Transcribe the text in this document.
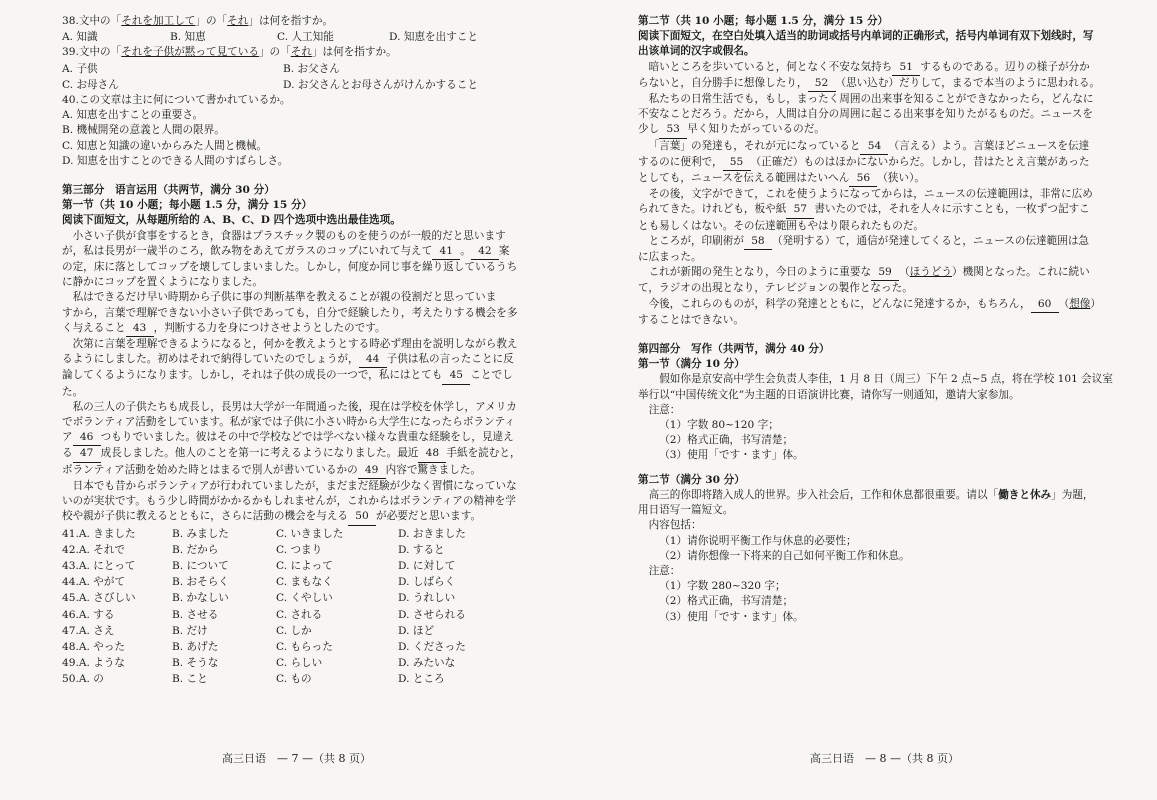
38.文中の「それを加工して」の「それ」は何を指すか。
A. 知識	B. 知恵	C. 人工知能	D. 知恵を出すこと
39.文中の「それを子供が黙って見ている」の「それ」は何を指すか。
A. 子供	B. お父さん
C. お母さん	D. お父さんとお母さんがけんかすること
40.この文章は主に何について書かれているか。
A. 知恵を出すことの重要さ。
B. 機械開発の意義と人間の限界。
C. 知恵と知識の違いからみた人間と機械。
D. 知恵を出すことのできる人間のすばらしさ。
第三部分　语言运用（共两节，满分 30 分）
第一节（共 10 小题；每小题 1.5 分，满分 15 分）
阅读下面短文，从每题所给的 A、B、C、D 四个选项中选出最佳选项。
小さい子供が食事をするとき，食器はプラスチック製のものを使うのが一般的だと思います
が，私は長男が一歳半のころ，飲み物をあえてガラスのコップにいれて与えて 41 。 42 案
の定，床に落としてコップを壊してしまいました。しかし，何度か同じ事を繰り返しているうち
に静かにコップを置くようになりました。
私はできるだけ早い時期から子供に事の判断基準を教えることが親の役割だと思っていま
すから，言葉で理解できない小さい子供であっても，自分で経験したり，考えたりする機会を多
く与えること 43 ，判断する力を身につけさせようとしたのです。
次第に言葉を理解できるようになると，何かを教えようとする時必ず理由を説明しながら教え
るようにしました。初めはそれで納得していたのでしょうが， 44 子供は私の言ったことに反
論してくるようになります。しかし，それは子供の成長の一つで，私にはとても 45 ことでし
た。
私の三人の子供たちも成長し，長男は大学が一年間通った後，現在は学校を休学し，アメリカ
でボランティア活動をしています。私が家では子供に小さい時から大学生になったらボランティ
ア 46 つもりでいました。彼はその中で学校などでは学べない様々な貴重な経験をし，見違え
る 47 成長しました。他人のことを第一に考えるようになりました。最近 48 手紙を読むと，
ボランティア活動を始めた時とはまるで別人が書いているかの 49 内容で驚きました。
日本でも昔からボランティアが行われていましたが，まだまだ経験が少なく習慣になっていな
いのが実状です。もう少し時間がかかるかもしれませんが，これからはボランティアの精神を学
校や親が子供に教えるとともに，さらに活動の機会を与える 50 が必要だと思います。
41.A. きました	B. みました	C. いきました	D. おきました
42.A. それで	B. だから	C. つまり	D. すると
43.A. にとって	B. について	C. によって	D. に対して
44.A. やがて	B. おそらく	C. まもなく	D. しばらく
45.A. さびしい	B. かなしい	C. くやしい	D. うれしい
46.A. する	B. させる	C. される	D. させられる
47.A. さえ	B. だけ	C. しか	D. ほど
48.A. やった	B. あげた	C. もらった	D. くださった
49.A. ような	B. そうな	C. らしい	D. みたいな
50.A. の	B. こと	C. もの	D. ところ
高三日语　— 7 —（共 8 页）
第二节（共 10 小题；每小题 1.5 分，满分 15 分）
阅读下面短文，在空白处填入适当的助词或括号内单词的正确形式，括号内单词有双下划线时，写
出该单词的汉字或假名。
暗いところを歩いていると，何となく不安な気持ち 51 するものである。辺りの様子が分か
らないと，自分勝手に想像したり， 52 （思い込む）だりして，まるで本当のように思われる。
私たちの日常生活でも，もし，まったく周囲の出来事を知ることができなかったら，どんなに
不安なことだろう。だから，人間は自分の周囲に起こる出来事を知りたがるものだ。ニュースを
少し 53 早く知りたがっているのだ。
「言葉」の発達も，それが元になっていると 54 （言える）よう。言葉ほどニュースを伝達
するのに便利で， 55 （正確だ）ものはほかにないからだ。しかし，昔はたとえ言葉があった
としても，ニュースを伝える範囲はたいへん 56 （狭い）。
その後，文字ができて，これを使うようになってからは，ニュースの伝達範囲は，非常に広め
られてきた。けれども，板や紙 57 書いたのでは，それを人々に示すことも，一枚ずつ記すこ
とも易しくはない。その伝達範囲もやはり限られたものだ。
ところが，印刷術が 58 （発明する）て，通信が発達してくると，ニュースの伝達範囲は急
に広まった。
これが新聞の発生となり，今日のように重要な 59 （ほうどう）機関となった。これに続い
て，ラジオの出現となり，テレビジョンの製作となった。
今後，これらのものが，科学の発達とともに，どんなに発達するか，もちろん， 60 （想像）
することはできない。
第四部分　写作（共两节，满分 40 分）
第一节（满分 10 分）
假如你是京安高中学生会负责人李佳，1 月 8 日（周三）下午 2 点~5 点，将在学校 101 会议室
举行以“中国传统文化”为主题的日语演讲比赛，请你写一则通知，邀请大家参加。
注意：
（1）字数 80~120 字；
（2）格式正确，书写清楚；
（3）使用「です・ます」体。
第二节（满分 30 分）
高三的你即将踏入成人的世界。步入社会后，工作和休息都很重要。请以「働きと休み」为题，
用日语写一篇短文。
内容包括：
（1）请你说明平衡工作与休息的必要性；
（2）请你想像一下将来的自己如何平衡工作和休息。
注意：
（1）字数 280~320 字；
（2）格式正确，书写清楚；
（3）使用「です・ます」体。
高三日语　— 8 —（共 8 页）
